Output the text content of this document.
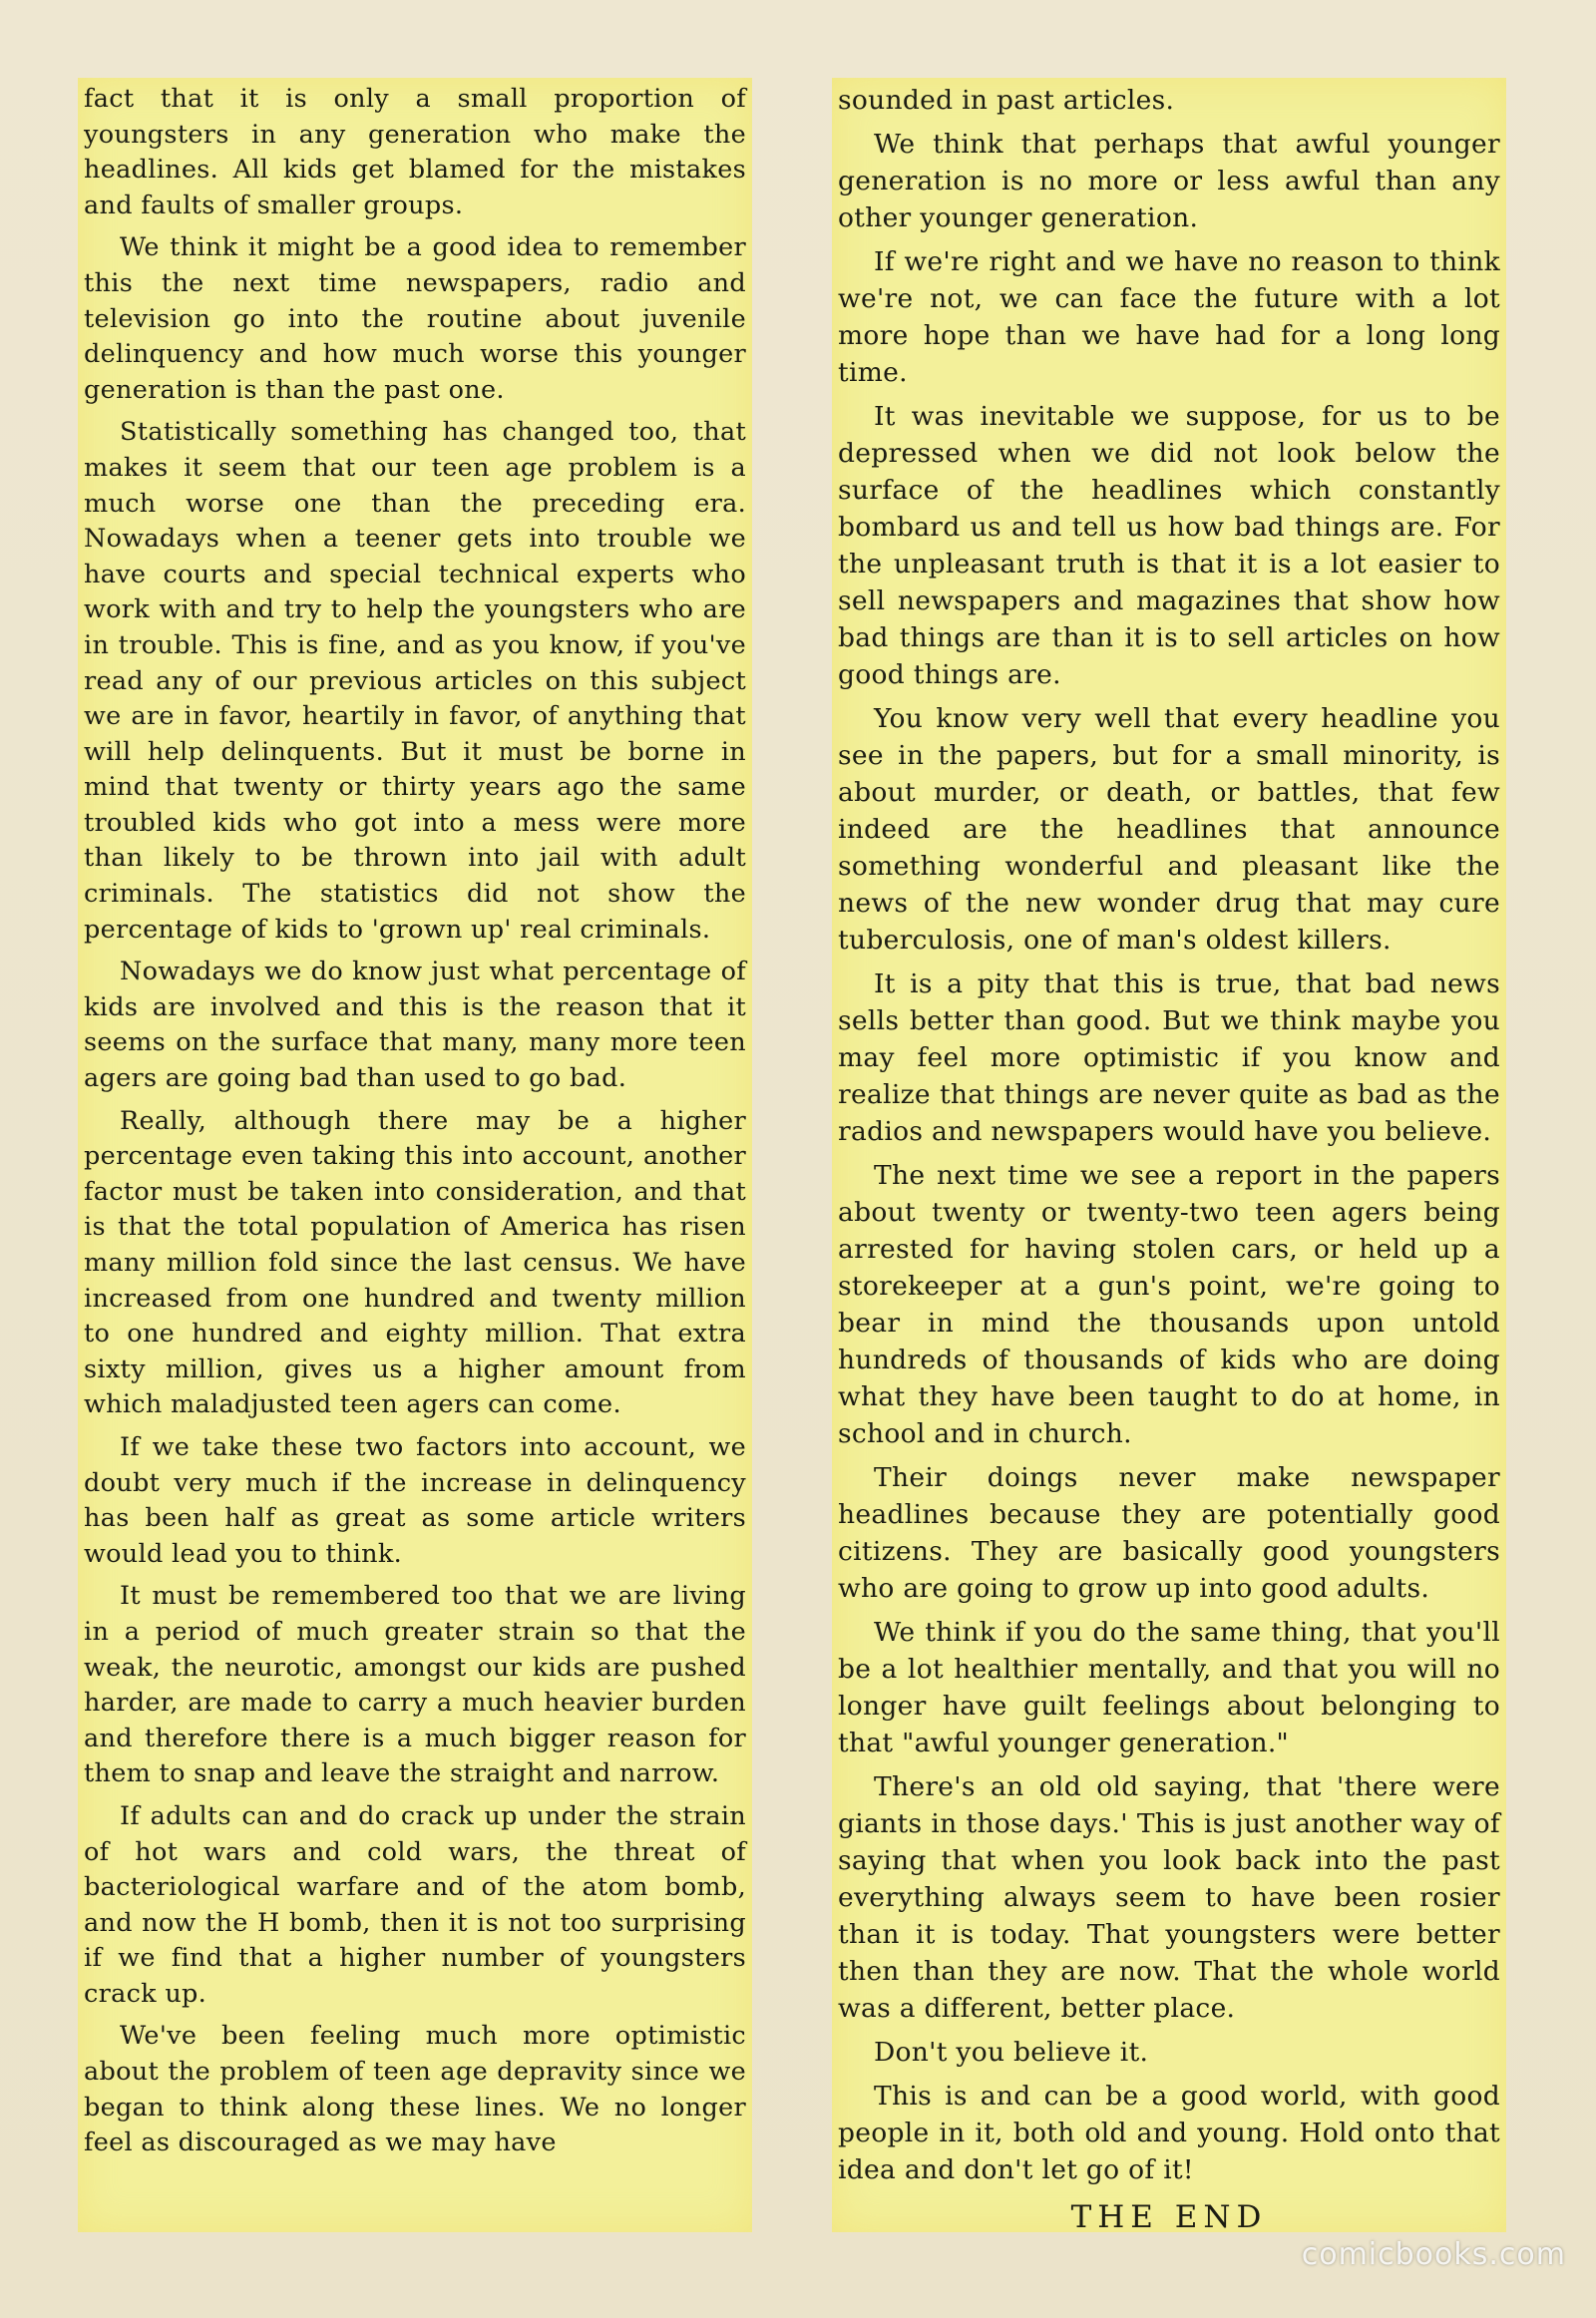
fact that it is only a small proportion of youngsters in any generation who make the headlines. All kids get blamed for the mistakes and faults of smaller groups.

We think it might be a good idea to remember this the next time newspapers, radio and television go into the routine about juvenile delinquency and how much worse this younger generation is than the past one.

Statistically something has changed too, that makes it seem that our teen age problem is a much worse one than the preceding era. Nowadays when a teener gets into trouble we have courts and special technical experts who work with and try to help the youngsters who are in trouble. This is fine, and as you know, if you've read any of our previous articles on this subject we are in favor, heartily in favor, of anything that will help delinquents. But it must be borne in mind that twenty or thirty years ago the same troubled kids who got into a mess were more than likely to be thrown into jail with adult criminals. The statistics did not show the percentage of kids to 'grown up' real criminals.

Nowadays we do know just what percentage of kids are involved and this is the reason that it seems on the surface that many, many more teen agers are going bad than used to go bad.

Really, although there may be a higher percentage even taking this into account, another factor must be taken into consideration, and that is that the total population of America has risen many million fold since the last census. We have increased from one hundred and twenty million to one hundred and eighty million. That extra sixty million, gives us a higher amount from which maladjusted teen agers can come.

If we take these two factors into account, we doubt very much if the increase in delinquency has been half as great as some article writers would lead you to think.

It must be remembered too that we are living in a period of much greater strain so that the weak, the neurotic, amongst our kids are pushed harder, are made to carry a much heavier burden and therefore there is a much bigger reason for them to snap and leave the straight and narrow.

If adults can and do crack up under the strain of hot wars and cold wars, the threat of bacteriological warfare and of the atom bomb, and now the H bomb, then it is not too surprising if we find that a higher number of youngsters crack up.

We've been feeling much more optimistic about the problem of teen age depravity since we began to think along these lines. We no longer feel as discouraged as we may have

sounded in past articles.

We think that perhaps that awful younger generation is no more or less awful than any other younger generation.

If we're right and we have no reason to think we're not, we can face the future with a lot more hope than we have had for a long long time.

It was inevitable we suppose, for us to be depressed when we did not look below the surface of the headlines which constantly bombard us and tell us how bad things are. For the unpleasant truth is that it is a lot easier to sell newspapers and magazines that show how bad things are than it is to sell articles on how good things are.

You know very well that every headline you see in the papers, but for a small minority, is about murder, or death, or battles, that few indeed are the headlines that announce something wonderful and pleasant like the news of the new wonder drug that may cure tuberculosis, one of man's oldest killers.

It is a pity that this is true, that bad news sells better than good. But we think maybe you may feel more optimistic if you know and realize that things are never quite as bad as the radios and newspapers would have you believe.

The next time we see a report in the papers about twenty or twenty-two teen agers being arrested for having stolen cars, or held up a storekeeper at a gun's point, we're going to bear in mind the thousands upon untold hundreds of thousands of kids who are doing what they have been taught to do at home, in school and in church.

Their doings never make newspaper headlines because they are potentially good citizens. They are basically good youngsters who are going to grow up into good adults.

We think if you do the same thing, that you'll be a lot healthier mentally, and that you will no longer have guilt feelings about belonging to that "awful younger generation."

There's an old old saying, that 'there were giants in those days.' This is just another way of saying that when you look back into the past everything always seem to have been rosier than it is today. That youngsters were better then than they are now. That the whole world was a different, better place.

Don't you believe it.

This is and can be a good world, with good people in it, both old and young. Hold onto that idea and don't let go of it!

THE END
comicbooks.com
